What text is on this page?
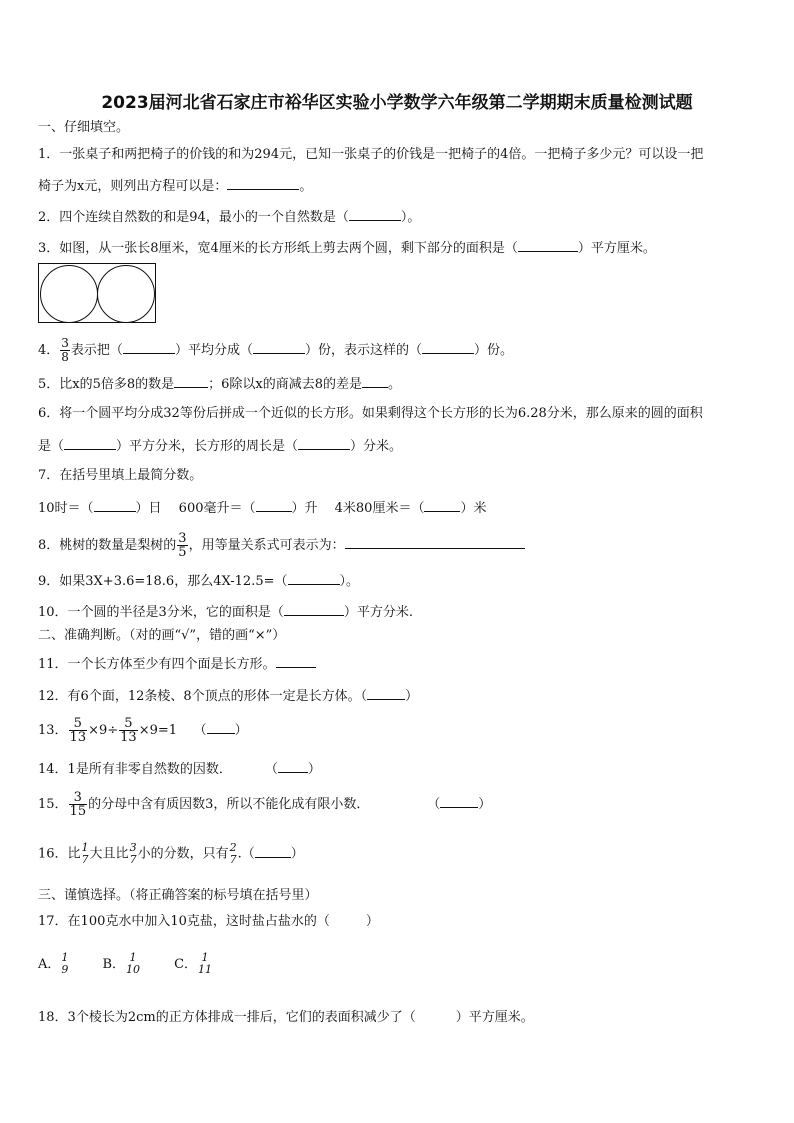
2023届河北省石家庄市裕华区实验小学数学六年级第二学期期末质量检测试题
一、仔细填空。
1．一张桌子和两把椅子的价钱的和为294元，已知一张桌子的价钱是一把椅子的4倍。一把椅子多少元？可以设一把
椅子为x元，则列出方程可以是：	。
2．四个连续自然数的和是94，最小的一个自然数是（	）。
3．如图，从一张长8厘米，宽4厘米的长方形纸上剪去两个圆，剩下部分的面积是（	）平方厘米。
4． $\frac{3}{8}$ 表示把（	）平均分成（	）份，表示这样的（	）份。
5．比x的5倍多8的数是	；6除以x的商减去8的差是 。
6．将一个圆平均分成32等份后拼成一个近似的长方形。如果剩得这个长方形的长为6.28分米，那么原来的圆的面积
是（	）平方分米，长方形的周长是（	）分米。
7．在括号里填上最简分数。
10时＝（	）日　 600毫升＝（	）升　 4米80厘米＝（	）米
8．桃树的数量是梨树的 $\frac{3}{5}$ ，用等量关系式可表示为：
9．如果3X+3.6=18.6，那么4X-12.5=（	）。
10．一个圆的半径是3分米，它的面积是（	）平方分米.
二、准确判断。（对的画“√”，错的画“×”）
11．一个长方体至少有四个面是长方形。
12．有6个面，12条棱、8个顶点的形体一定是长方体。（	）
13． $\frac{5}{13} \times 9\div \frac{5}{13} \times 9=1$ （ ）
14．1是所有非零自然数的因数．	（ ）
15． $\frac{3}{15}$ 的分母中含有质因数3，所以不能化成有限小数．	（	）
16．比 1
7 大且比 3
7 小的分数，只有 2
7 .（	）
三、谨慎选择。（将正确答案的标号填在括号里）
17．在100克水中加入10克盐，这时盐占盐水的（	）
A． 1
9	B． 1
10	C． 1
11
18．3个棱长为2cm的正方体排成一排后，它们的表面积减少了（	）平方厘米。
